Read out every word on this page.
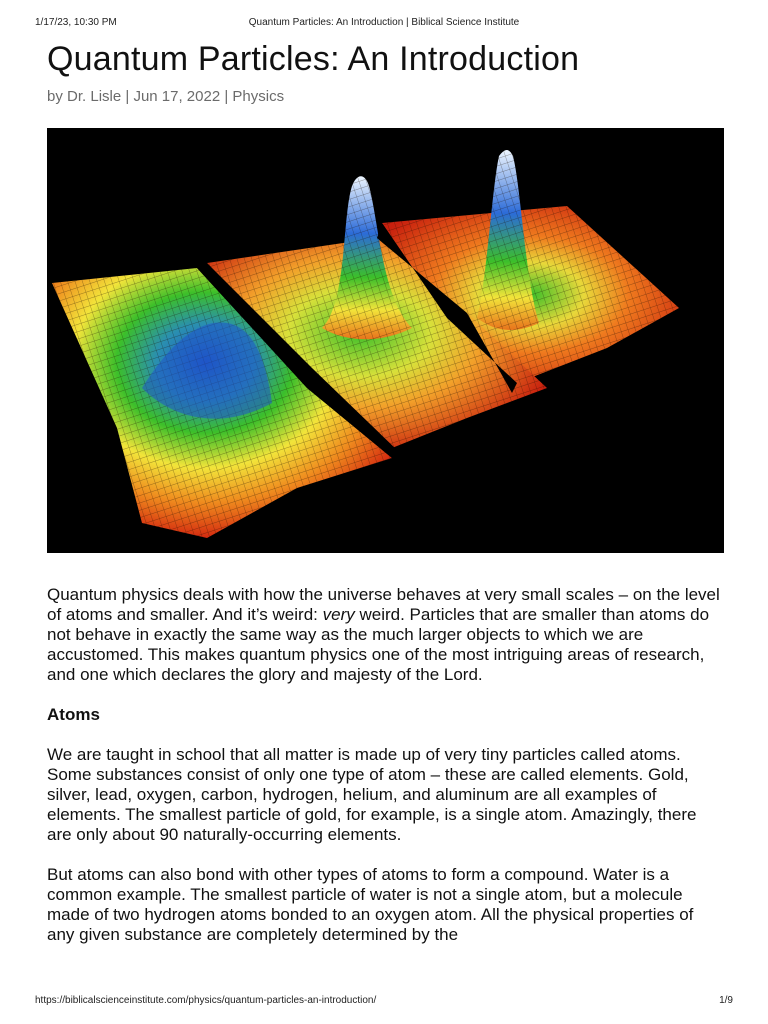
1/17/23, 10:30 PM	Quantum Particles: An Introduction | Biblical Science Institute
Quantum Particles: An Introduction
by Dr. Lisle | Jun 17, 2022 | Physics

Quantum physics deals with how the universe behaves at very small scales – on the level of atoms and smaller. And it’s weird: very weird. Particles that are smaller than atoms do not behave in exactly the same way as the much larger objects to which we are accustomed. This makes quantum physics one of the most intriguing areas of research, and one which declares the glory and majesty of the Lord.

Atoms

We are taught in school that all matter is made up of very tiny particles called atoms. Some substances consist of only one type of atom – these are called elements. Gold, silver, lead, oxygen, carbon, hydrogen, helium, and aluminum are all examples of elements. The smallest particle of gold, for example, is a single atom. Amazingly, there are only about 90 naturally-occurring elements.

But atoms can also bond with other types of atoms to form a compound. Water is a common example. The smallest particle of water is not a single atom, but a molecule made of two hydrogen atoms bonded to an oxygen atom. All the physical properties of any given substance are completely determined by the

https://biblicalscienceinstitute.com/physics/quantum-particles-an-introduction/	1/9
